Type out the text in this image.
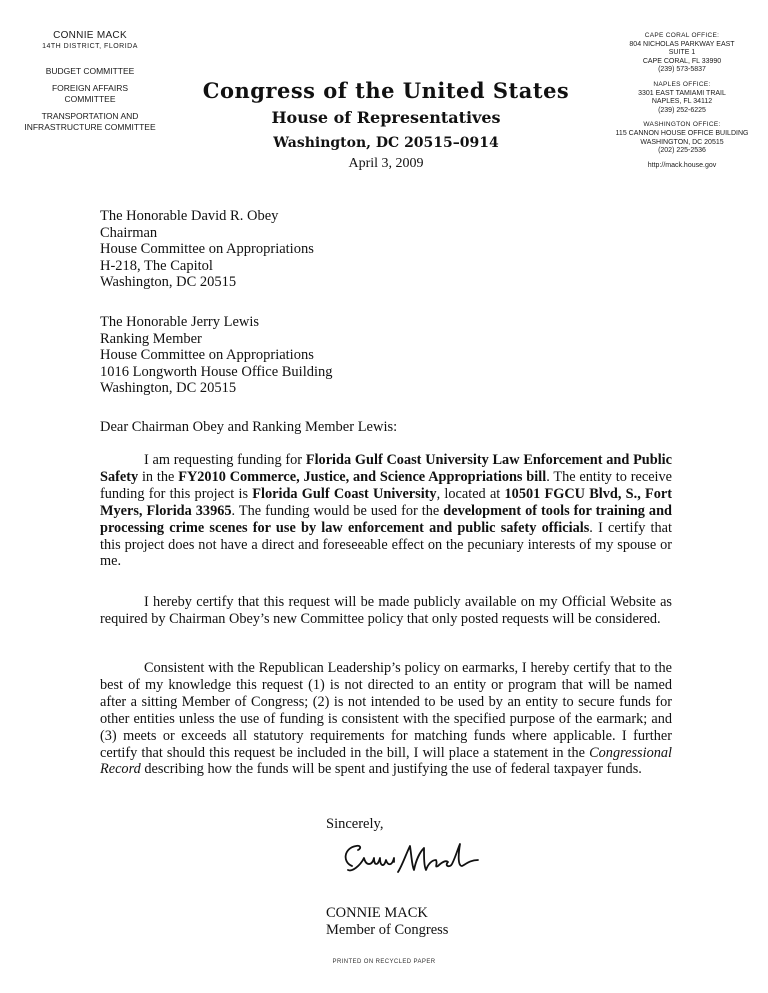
CONNIE MACK
14TH DISTRICT, FLORIDA
BUDGET COMMITTEE
FOREIGN AFFAIRS
COMMITTEE
TRANSPORTATION AND
INFRASTRUCTURE COMMITTEE
Congress of the United States
House of Representatives
Washington, DC 20515–0914
April 3, 2009
CAPE CORAL OFFICE:
804 NICHOLAS PARKWAY EAST
SUITE 1
CAPE CORAL, FL 33990
(239) 573-5837
NAPLES OFFICE:
3301 EAST TAMIAMI TRAIL
NAPLES, FL 34112
(239) 252-6225
WASHINGTON OFFICE:
115 CANNON HOUSE OFFICE BUILDING
WASHINGTON, DC 20515
(202) 225-2536
http://mack.house.gov
The Honorable David R. Obey
Chairman
House Committee on Appropriations
H-218, The Capitol
Washington, DC 20515
The Honorable Jerry Lewis
Ranking Member
House Committee on Appropriations
1016 Longworth House Office Building
Washington, DC 20515
Dear Chairman Obey and Ranking Member Lewis:

I am requesting funding for Florida Gulf Coast University Law Enforcement and Public Safety in the FY2010 Commerce, Justice, and Science Appropriations bill. The entity to receive funding for this project is Florida Gulf Coast University, located at 10501 FGCU Blvd, S., Fort Myers, Florida 33965. The funding would be used for the development of tools for training and processing crime scenes for use by law enforcement and public safety officials. I certify that this project does not have a direct and foreseeable effect on the pecuniary interests of my spouse or me.

I hereby certify that this request will be made publicly available on my Official Website as required by Chairman Obey’s new Committee policy that only posted requests will be considered.

Consistent with the Republican Leadership’s policy on earmarks, I hereby certify that to the best of my knowledge this request (1) is not directed to an entity or program that will be named after a sitting Member of Congress; (2) is not intended to be used by an entity to secure funds for other entities unless the use of funding is consistent with the specified purpose of the earmark; and (3) meets or exceeds all statutory requirements for matching funds where applicable. I further certify that should this request be included in the bill, I will place a statement in the Congressional Record describing how the funds will be spent and justifying the use of federal taxpayer funds.

Sincerely,
CONNIE MACK
Member of Congress
PRINTED ON RECYCLED PAPER
